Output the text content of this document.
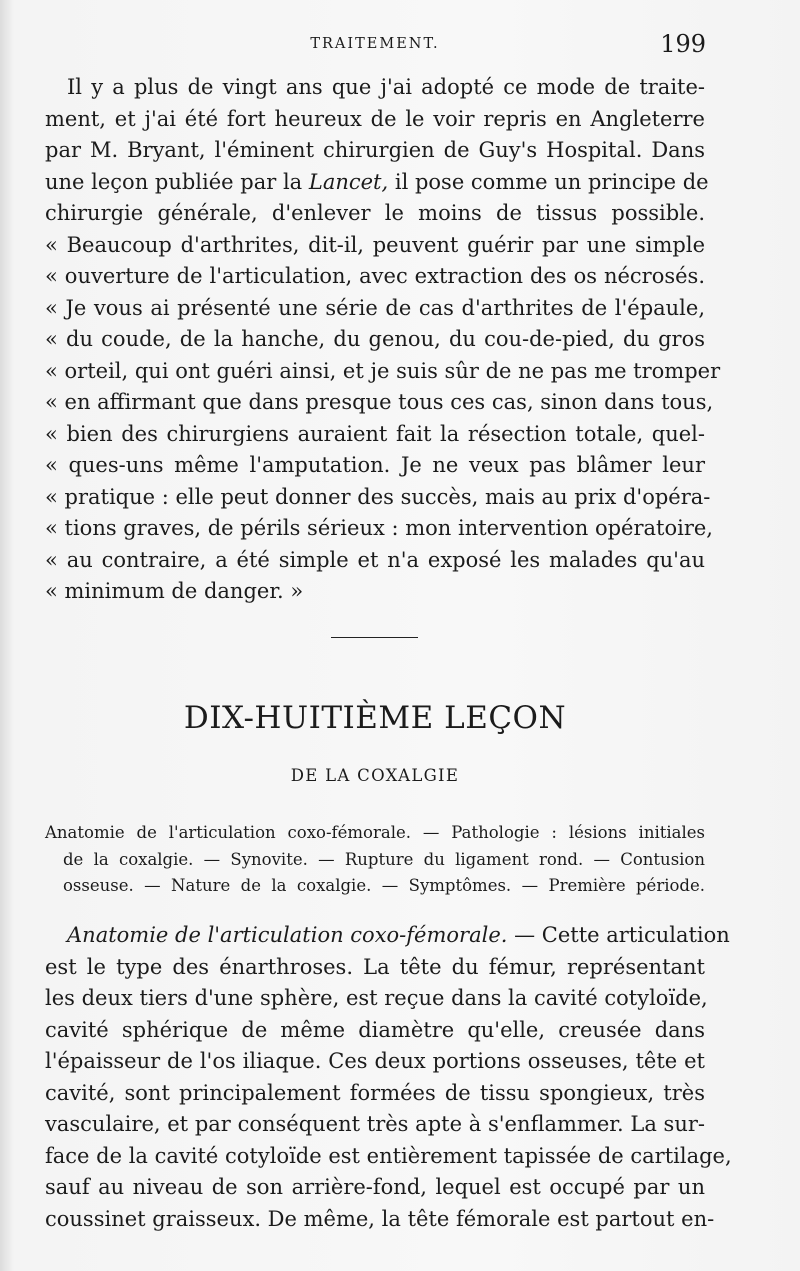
TRAITEMENT.	199
Il y a plus de vingt ans que j'ai adopté ce mode de traite-
ment, et j'ai été fort heureux de le voir repris en Angleterre
par M. Bryant, l'éminent chirurgien de Guy's Hospital. Dans
une leçon publiée par la Lancet, il pose comme un principe de
chirurgie générale, d'enlever le moins de tissus possible.
« Beaucoup d'arthrites, dit-il, peuvent guérir par une simple
« ouverture de l'articulation, avec extraction des os nécrosés.
« Je vous ai présenté une série de cas d'arthrites de l'épaule,
« du coude, de la hanche, du genou, du cou-de-pied, du gros
« orteil, qui ont guéri ainsi, et je suis sûr de ne pas me tromper
« en affirmant que dans presque tous ces cas, sinon dans tous,
« bien des chirurgiens auraient fait la résection totale, quel-
« ques-uns même l'amputation. Je ne veux pas blâmer leur
« pratique : elle peut donner des succès, mais au prix d'opéra-
« tions graves, de périls sérieux : mon intervention opératoire,
« au contraire, a été simple et n'a exposé les malades qu'au
« minimum de danger. »
DIX-HUITIÈME LEÇON
DE LA COXALGIE
Anatomie de l'articulation coxo-fémorale. — Pathologie : lésions initiales
de la coxalgie. — Synovite. — Rupture du ligament rond. — Contusion
osseuse. — Nature de la coxalgie. — Symptômes. — Première période.
Anatomie de l'articulation coxo-fémorale. — Cette articulation
est le type des énarthroses. La tête du fémur, représentant
les deux tiers d'une sphère, est reçue dans la cavité cotyloïde,
cavité sphérique de même diamètre qu'elle, creusée dans
l'épaisseur de l'os iliaque. Ces deux portions osseuses, tête et
cavité, sont principalement formées de tissu spongieux, très
vasculaire, et par conséquent très apte à s'enflammer. La sur-
face de la cavité cotyloïde est entièrement tapissée de cartilage,
sauf au niveau de son arrière-fond, lequel est occupé par un
coussinet graisseux. De même, la tête fémorale est partout en-
